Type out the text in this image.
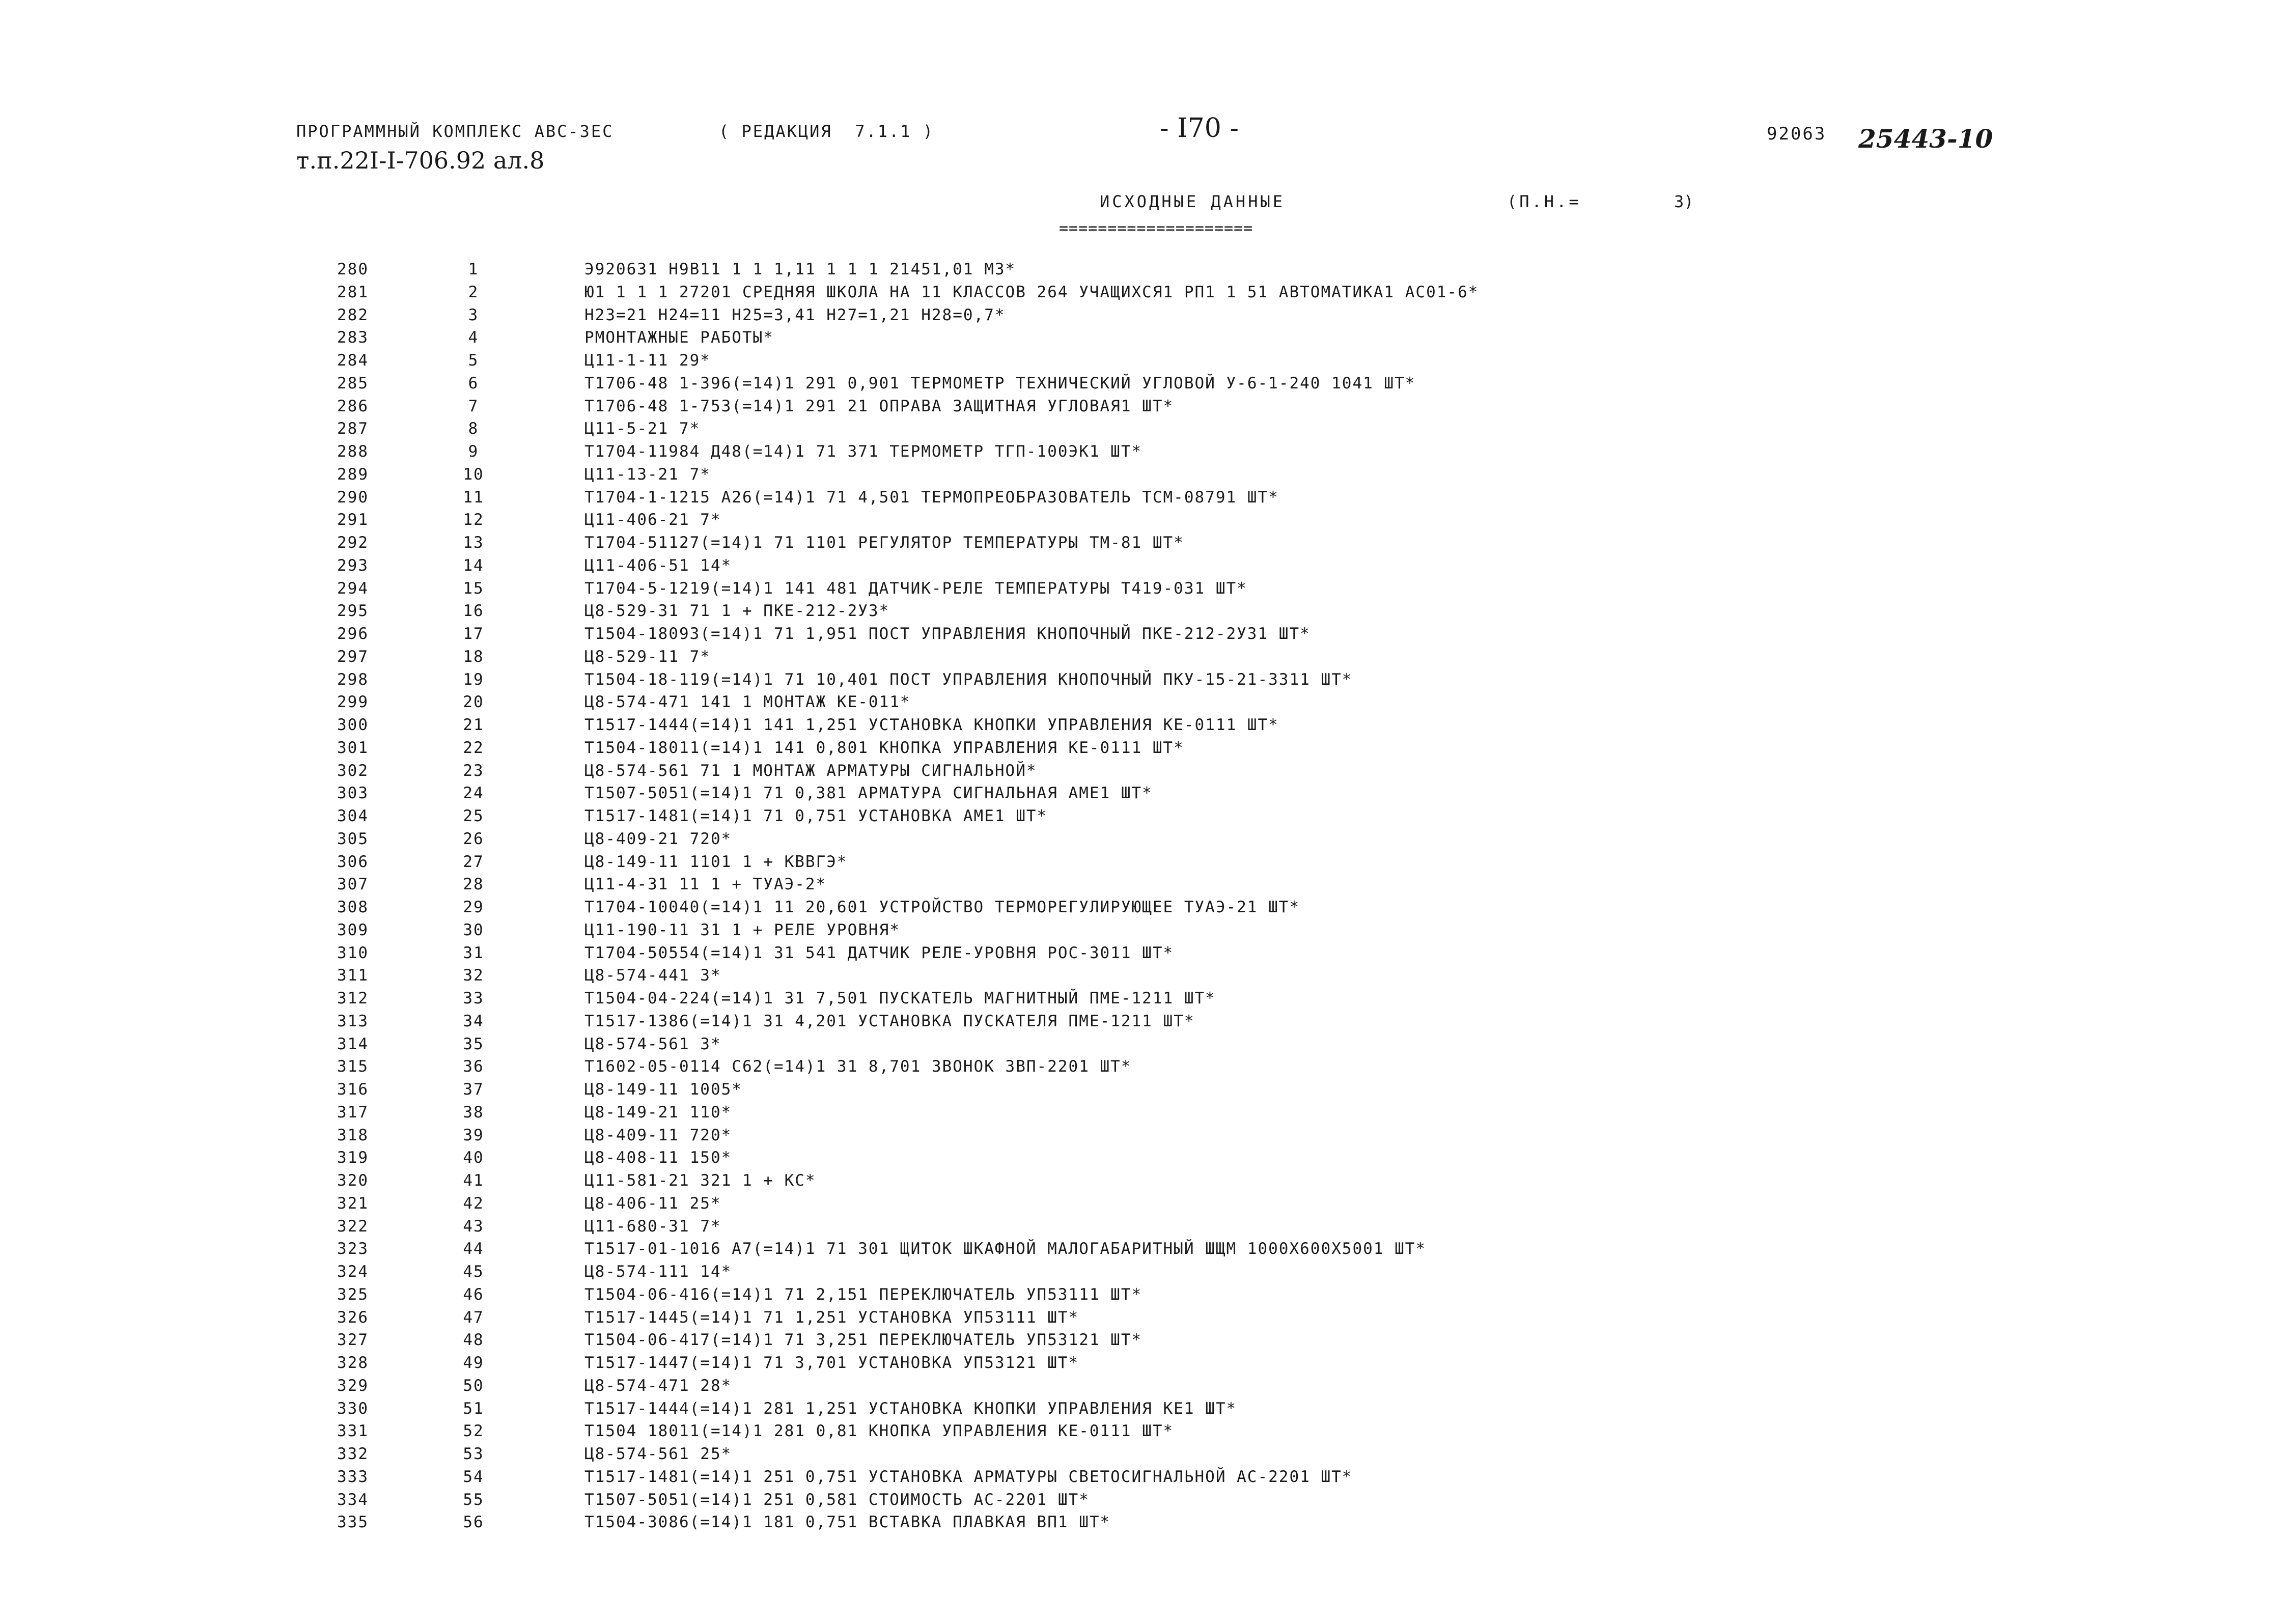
ПРОГРАММНЫЙ КОМПЛЕКС АВС-3ЕС	( РЕДАКЦИЯ  7.1.1 )	- I70 -	92063 25443-10
т.п.22I-I-706.92 ал.8
ИСХОДНЫЕ ДАННЫЕ
====================
(П.Н.=	3)
280	1	Э920631 Н9В11 1 1 1,11 1 1 1 21451,01 М3*
281	2	Ю1 1 1 1 27201 СРЕДНЯЯ ШКОЛА НА 11 КЛАССОВ 264 УЧАЩИХСЯ1 РП1 1 51 АВТОМАТИКА1 АС01-6*
282	3	Н23=21 Н24=11 Н25=3,41 Н27=1,21 Н28=0,7*
283	4	РМОНТАЖНЫЕ РАБОТЫ*
284	5	Ц11-1-11 29*
285	6	Т1706-48 1-396(=14)1 291 0,901 ТЕРМОМЕТР ТЕХНИЧЕСКИЙ УГЛОВОЙ У-6-1-240 1041 ШТ*
286	7	Т1706-48 1-753(=14)1 291 21 ОПРАВА ЗАЩИТНАЯ УГЛОВАЯ1 ШТ*
287	8	Ц11-5-21 7*
288	9	Т1704-11984 Д48(=14)1 71 371 ТЕРМОМЕТР ТГП-100ЭК1 ШТ*
289	10	Ц11-13-21 7*
290	11	Т1704-1-1215 А26(=14)1 71 4,501 ТЕРМОПРЕОБРАЗОВАТЕЛЬ ТСМ-08791 ШТ*
291	12	Ц11-406-21 7*
292	13	Т1704-51127(=14)1 71 1101 РЕГУЛЯТОР ТЕМПЕРАТУРЫ ТМ-81 ШТ*
293	14	Ц11-406-51 14*
294	15	Т1704-5-1219(=14)1 141 481 ДАТЧИК-РЕЛЕ ТЕМПЕРАТУРЫ Т419-031 ШТ*
295	16	Ц8-529-31 71 1 + ПКЕ-212-2У3*
296	17	Т1504-18093(=14)1 71 1,951 ПОСТ УПРАВЛЕНИЯ КНОПОЧНЫЙ ПКЕ-212-2У31 ШТ*
297	18	Ц8-529-11 7*
298	19	Т1504-18-119(=14)1 71 10,401 ПОСТ УПРАВЛЕНИЯ КНОПОЧНЫЙ ПКУ-15-21-3311 ШТ*
299	20	Ц8-574-471 141 1 МОНТАЖ КЕ-011*
300	21	Т1517-1444(=14)1 141 1,251 УСТАНОВКА КНОПКИ УПРАВЛЕНИЯ КЕ-0111 ШТ*
301	22	Т1504-18011(=14)1 141 0,801 КНОПКА УПРАВЛЕНИЯ КЕ-0111 ШТ*
302	23	Ц8-574-561 71 1 МОНТАЖ АРМАТУРЫ СИГНАЛЬНОЙ*
303	24	Т1507-5051(=14)1 71 0,381 АРМАТУРА СИГНАЛЬНАЯ АМЕ1 ШТ*
304	25	Т1517-1481(=14)1 71 0,751 УСТАНОВКА АМЕ1 ШТ*
305	26	Ц8-409-21 720*
306	27	Ц8-149-11 1101 1 + КВВГЭ*
307	28	Ц11-4-31 11 1 + ТУАЭ-2*
308	29	Т1704-10040(=14)1 11 20,601 УСТРОЙСТВО ТЕРМОРЕГУЛИРУЮЩЕЕ ТУАЭ-21 ШТ*
309	30	Ц11-190-11 31 1 + РЕЛЕ УРОВНЯ*
310	31	Т1704-50554(=14)1 31 541 ДАТЧИК РЕЛЕ-УРОВНЯ РОС-3011 ШТ*
311	32	Ц8-574-441 3*
312	33	Т1504-04-224(=14)1 31 7,501 ПУСКАТЕЛЬ МАГНИТНЫЙ ПМЕ-1211 ШТ*
313	34	Т1517-1386(=14)1 31 4,201 УСТАНОВКА ПУСКАТЕЛЯ ПМЕ-1211 ШТ*
314	35	Ц8-574-561 3*
315	36	Т1602-05-0114 С62(=14)1 31 8,701 ЗВОНОК ЗВП-2201 ШТ*
316	37	Ц8-149-11 1005*
317	38	Ц8-149-21 110*
318	39	Ц8-409-11 720*
319	40	Ц8-408-11 150*
320	41	Ц11-581-21 321 1 + КС*
321	42	Ц8-406-11 25*
322	43	Ц11-680-31 7*
323	44	Т1517-01-1016 А7(=14)1 71 301 ЩИТОК ШКАФНОЙ МАЛОГАБАРИТНЫЙ ШЩМ 1000Х600Х5001 ШТ*
324	45	Ц8-574-111 14*
325	46	Т1504-06-416(=14)1 71 2,151 ПЕРЕКЛЮЧАТЕЛЬ УП53111 ШТ*
326	47	Т1517-1445(=14)1 71 1,251 УСТАНОВКА УП53111 ШТ*
327	48	Т1504-06-417(=14)1 71 3,251 ПЕРЕКЛЮЧАТЕЛЬ УП53121 ШТ*
328	49	Т1517-1447(=14)1 71 3,701 УСТАНОВКА УП53121 ШТ*
329	50	Ц8-574-471 28*
330	51	Т1517-1444(=14)1 281 1,251 УСТАНОВКА КНОПКИ УПРАВЛЕНИЯ КЕ1 ШТ*
331	52	Т1504 18011(=14)1 281 0,81 КНОПКА УПРАВЛЕНИЯ КЕ-0111 ШТ*
332	53	Ц8-574-561 25*
333	54	Т1517-1481(=14)1 251 0,751 УСТАНОВКА АРМАТУРЫ СВЕТОСИГНАЛЬНОЙ АС-2201 ШТ*
334	55	Т1507-5051(=14)1 251 0,581 СТОИМОСТЬ АС-2201 ШТ*
335	56	Т1504-3086(=14)1 181 0,751 ВСТАВКА ПЛАВКАЯ ВП1 ШТ*
